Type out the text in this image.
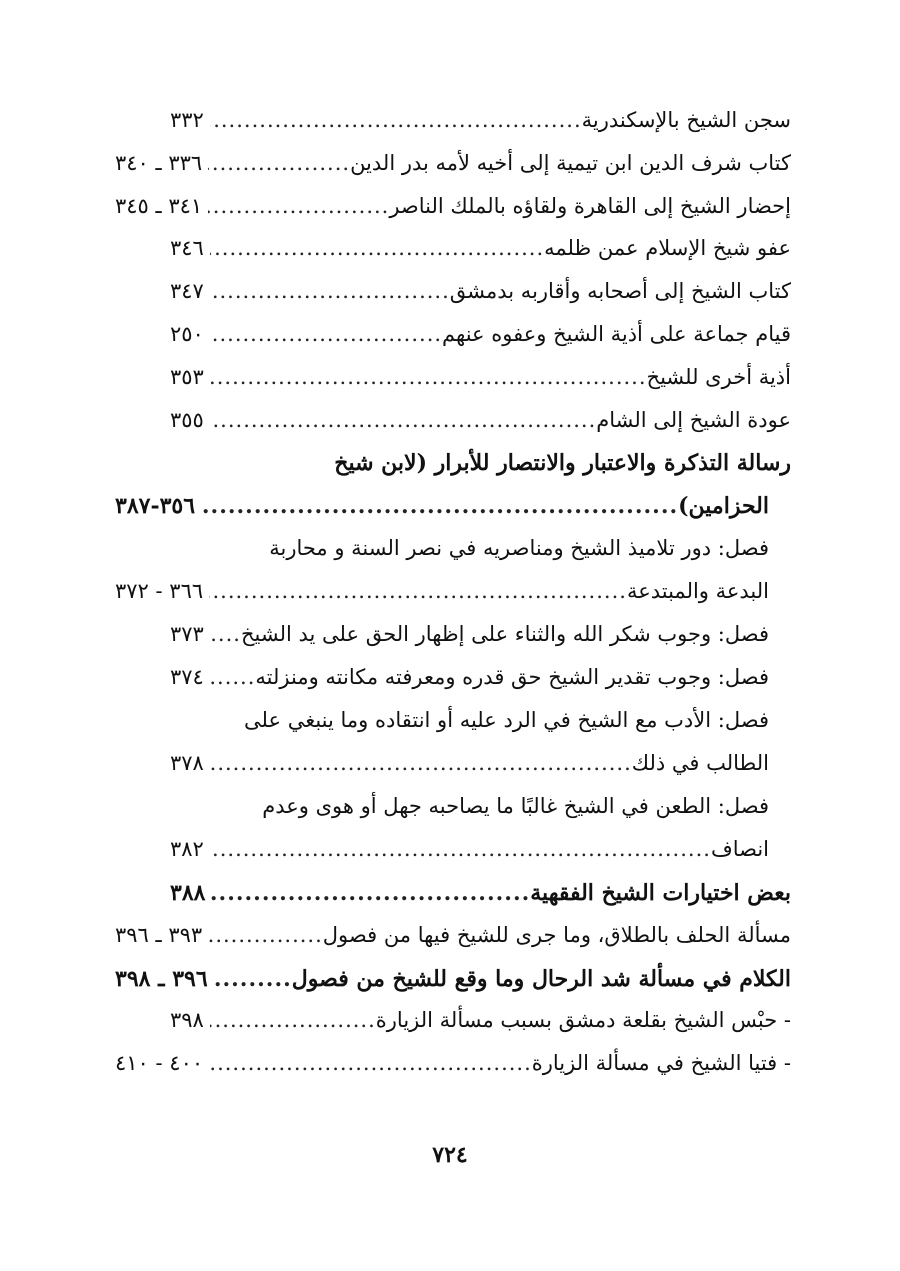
سجن الشيخ بالإسكندرية
.....
٣٣٢
كتاب شرف الدين ابن تيمية إلى أخيه لأمه بدر الدين
.....
٣٣٦ ـ ٣٤٠
إحضار الشيخ إلى القاهرة ولقاؤه بالملك الناصر
.....
٣٤١ ـ ٣٤٥
عفو شيخ الإسلام عمن ظلمه
.....
٣٤٦
كتاب الشيخ إلى أصحابه وأقاربه بدمشق
.....
٣٤٧
قيام جماعة على أذية الشيخ وعفوه عنهم
.....
٢٥٠
أذية أخرى للشيخ
.....
٣٥٣
عودة الشيخ إلى الشام
.....
٣٥٥
رسالة التذكرة والاعتبار والانتصار للأبرار (لابن شيخ
الحزامين)
.....
٣٥٦-٣٨٧
فصل: دور تلاميذ الشيخ ومناصريه في نصر السنة و محاربة
البدعة والمبتدعة
.....
٣٦٦ - ٣٧٢
فصل: وجوب شكر الله والثناء على إظهار الحق على يد الشيخ
.....
٣٧٣
فصل: وجوب تقدير الشيخ حق قدره ومعرفته مكانته ومنزلته
.....
٣٧٤
فصل: الأدب مع الشيخ في الرد عليه أو انتقاده وما ينبغي على
الطالب في ذلك
.....
٣٧٨
فصل: الطعن في الشيخ غالبًا ما يصاحبه جهل أو هوى وعدم
انصاف
.....
٣٨٢
بعض اختيارات الشيخ الفقهية
.....
٣٨٨
مسألة الحلف بالطلاق، وما جرى للشيخ فيها من فصول
.....
٣٩٣ ـ ٣٩٦
الكلام في مسألة شد الرحال وما وقع للشيخ من فصول
.....
٣٩٦ ـ ٣٩٨
- حبْس الشيخ بقلعة دمشق بسبب مسألة الزيارة
.....
٣٩٨
- فتيا الشيخ في مسألة الزيارة
.....
٤٠٠ - ٤١٠
٧٢٤
